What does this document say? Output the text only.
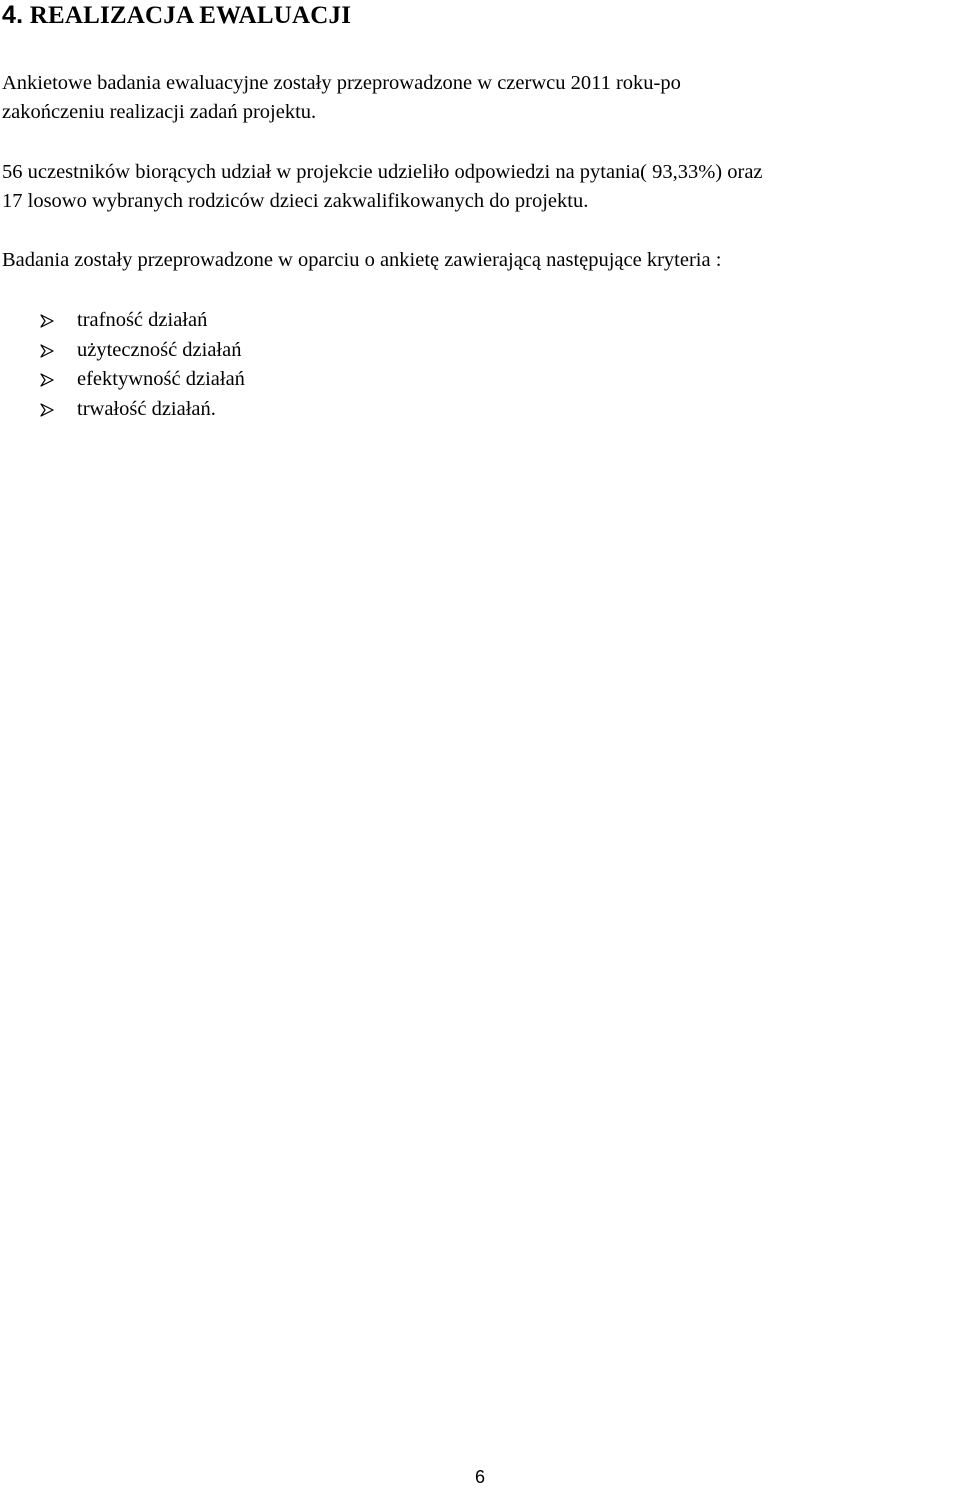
4. REALIZACJA EWALUACJI

Ankietowe badania ewaluacyjne zostały przeprowadzone w czerwcu 2011 roku-po
zakończeniu realizacji zadań projektu.

56 uczestników biorących udział w projekcie udzieliło odpowiedzi na pytania( 93,33%) oraz
17 losowo wybranych rodziców dzieci zakwalifikowanych do projektu.

Badania zostały przeprowadzone w oparciu o ankietę zawierającą następujące kryteria :

trafność działań
użyteczność działań
efektywność działań
trwałość działań.
6
